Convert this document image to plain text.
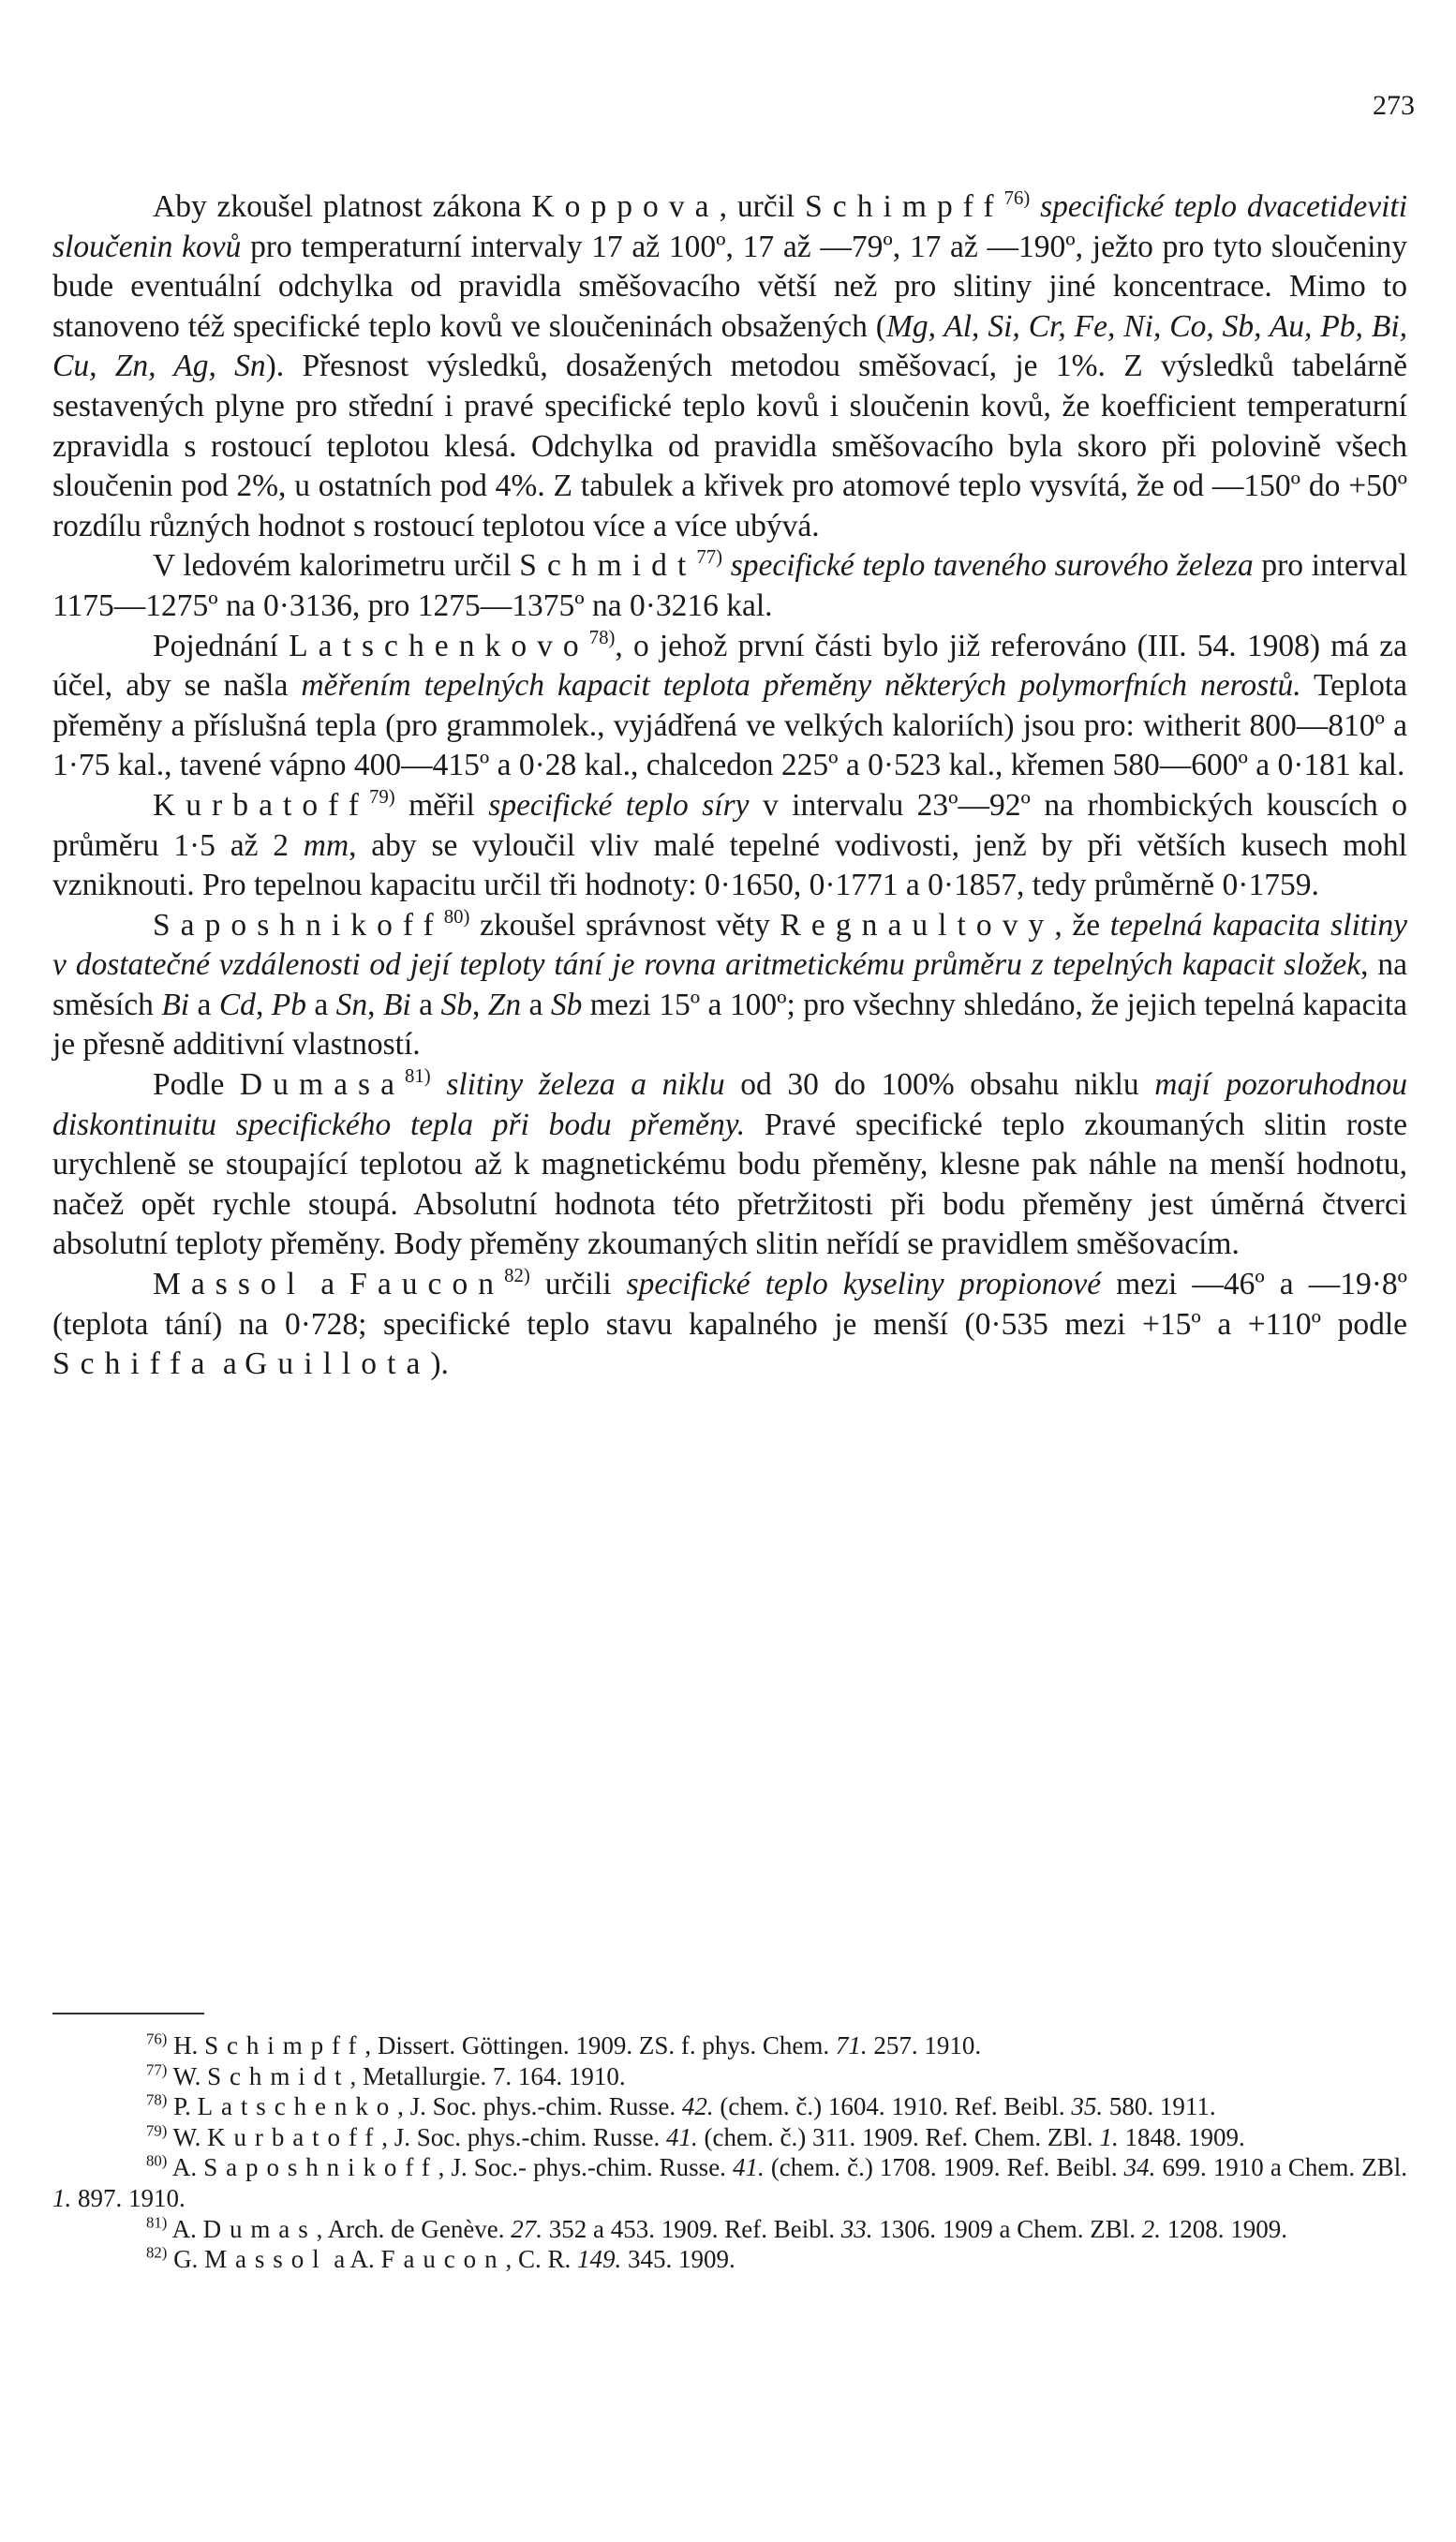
273

Aby zkoušel platnost zákona Koppova, určil Schimpff$^{76)}$ specifické teplo dvacetideviti sloučenin kovů pro temperaturní intervaly 17 až 100º, 17 až —79º, 17 až —190º, ježto pro tyto sloučeniny bude eventuální odchylka od pravidla směšovacího větší než pro slitiny jiné koncentrace. Mimo to stanoveno též specifické teplo kovů ve sloučeninách obsažených (Mg, Al, Si, Cr, Fe, Ni, Co, Sb, Au, Pb, Bi, Cu, Zn, Ag, Sn). Přesnost výsledků, dosažených metodou směšovací, je 1%. Z výsledků tabelárně sestavených plyne pro střední i pravé specifické teplo kovů i sloučenin kovů, že koefficient temperaturní zpravidla s rostoucí teplotou klesá. Odchylka od pravidla směšovacího byla skoro při polovině všech sloučenin pod 2%, u ostatních pod 4%. Z tabulek a křivek pro atomové teplo vysvítá, že od —150º do +50º rozdílu různých hodnot s rostoucí teplotou více a více ubývá.

V ledovém kalorimetru určil Schmidt$^{77)}$ specifické teplo taveného surového železa pro interval 1175—1275º na 0·3136, pro 1275—1375º na 0·3216 kal.

Pojednání Latschenkovo$^{78)}$, o jehož první části bylo již referováno (III. 54. 1908) má za účel, aby se našla měřením tepelných kapacit teplota přeměny některých polymorfních nerostů. Teplota přeměny a příslušná tepla (pro grammolek., vyjádřená ve velkých kaloriích) jsou pro: witherit 800—810º a 1·75 kal., tavené vápno 400—415º a 0·28 kal., chalcedon 225º a 0·523 kal., křemen 580—600º a 0·181 kal.

Kurbatoff$^{79)}$ měřil specifické teplo síry v intervalu 23º—92º na rhombických kouscích o průměru 1·5 až 2 mm, aby se vyloučil vliv malé tepelné vodivosti, jenž by při větších kusech mohl vzniknouti. Pro tepelnou kapacitu určil tři hodnoty: 0·1650, 0·1771 a 0·1857, tedy průměrně 0·1759.

Saposhnikoff$^{80)}$ zkoušel správnost věty Regnaultovy, že tepelná kapacita slitiny v dostatečné vzdálenosti od její teploty tání je rovna aritmetickému průměru z tepelných kapacit složek, na směsích Bi a Cd, Pb a Sn, Bi a Sb, Zn a Sb mezi 15º a 100º; pro všechny shledáno, že jejich tepelná kapacita je přesně additivní vlastností.

Podle Dumasa$^{81)}$ slitiny železa a niklu od 30 do 100% obsahu niklu mají pozoruhodnou diskontinuitu specifického tepla při bodu přeměny. Pravé specifické teplo zkoumaných slitin roste urychleně se stoupající teplotou až k magnetickému bodu přeměny, klesne pak náhle na menší hodnotu, načež opět rychle stoupá. Absolutní hodnota této přetržitosti při bodu přeměny jest úměrná čtverci absolutní teploty přeměny. Body přeměny zkoumaných slitin neřídí se pravidlem směšovacím.

Massol a Faucon$^{82)}$ určili specifické teplo kyseliny propionové mezi —46º a —19·8º (teplota tání) na 0·728; specifické teplo stavu kapalného je menší (0·535 mezi +15º a +110º podle Schiffa a Guillota).

$^{76)}$ H. Schimpff, Dissert. Göttingen. 1909. ZS. f. phys. Chem. 71. 257. 1910.

$^{77)}$ W. Schmidt, Metallurgie. 7. 164. 1910.

$^{78)}$ P. Latschenko, J. Soc. phys.-chim. Russe. 42. (chem. č.) 1604. 1910. Ref. Beibl. 35. 580. 1911.

$^{79)}$ W. Kurbatoff, J. Soc. phys.-chim. Russe. 41. (chem. č.) 311. 1909. Ref. Chem. ZBl. 1. 1848. 1909.

$^{80)}$ A. Saposhnikoff, J. Soc.- phys.-chim. Russe. 41. (chem. č.) 1708. 1909. Ref. Beibl. 34. 699. 1910 a Chem. ZBl. 1. 897. 1910.

$^{81)}$ A. Dumas, Arch. de Genève. 27. 352 a 453. 1909. Ref. Beibl. 33. 1306. 1909 a Chem. ZBl. 2. 1208. 1909.

$^{82)}$ G. Massol a A. Faucon, C. R. 149. 345. 1909.
